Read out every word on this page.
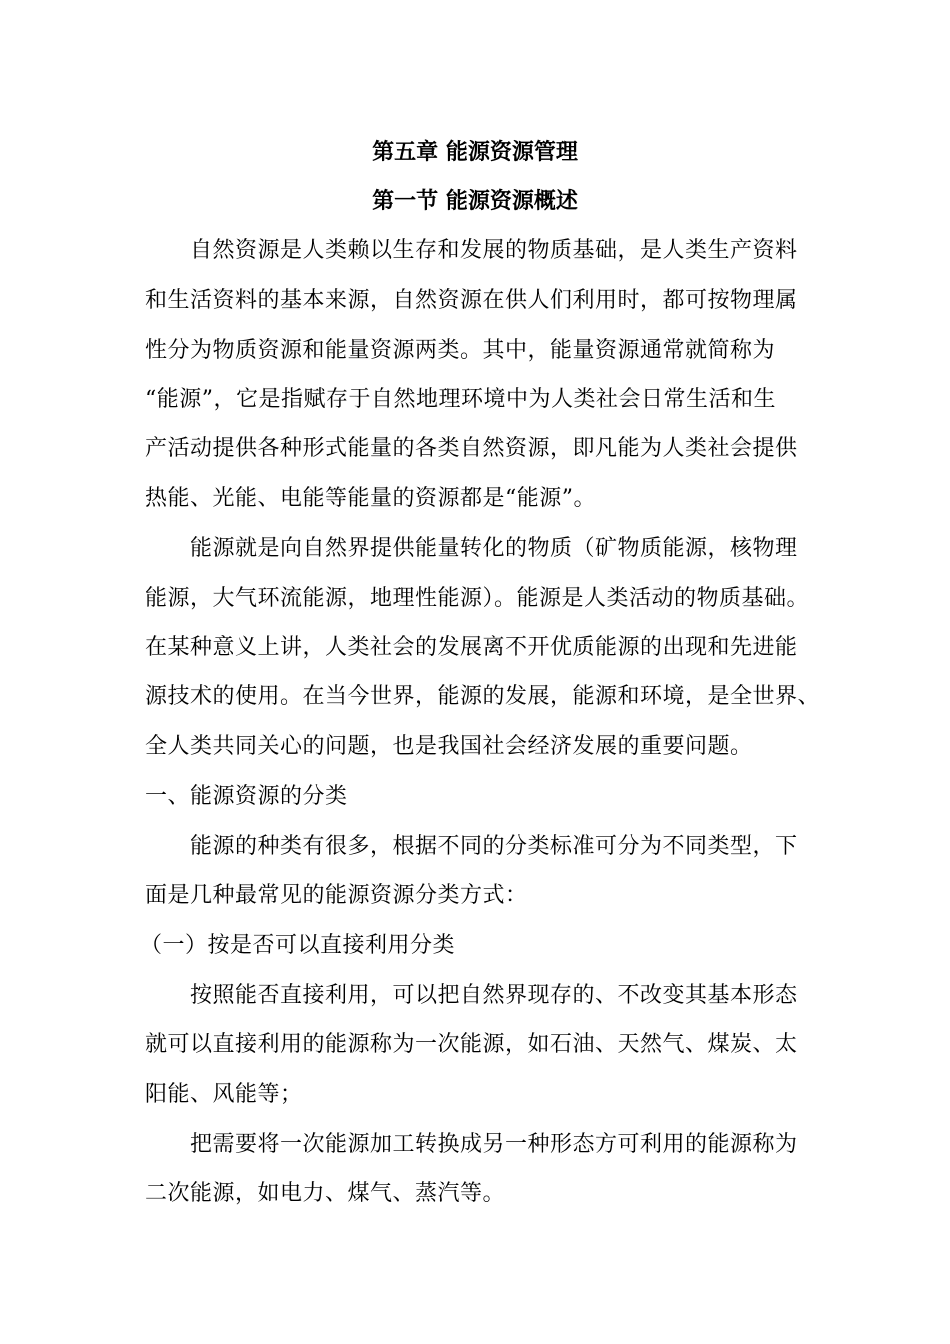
第五章 能源资源管理
第一节 能源资源概述
自然资源是人类赖以生存和发展的物质基础，是人类生产资料
和生活资料的基本来源，自然资源在供人们利用时，都可按物理属
性分为物质资源和能量资源两类。其中，能量资源通常就简称为
“能源”，它是指赋存于自然地理环境中为人类社会日常生活和生
产活动提供各种形式能量的各类自然资源，即凡能为人类社会提供
热能、光能、电能等能量的资源都是“能源”。
能源就是向自然界提供能量转化的物质（矿物质能源，核物理
能源，大气环流能源，地理性能源）。能源是人类活动的物质基础。
在某种意义上讲，人类社会的发展离不开优质能源的出现和先进能
源技术的使用。在当今世界，能源的发展，能源和环境，是全世界、
全人类共同关心的问题，也是我国社会经济发展的重要问题。
一、能源资源的分类
能源的种类有很多，根据不同的分类标准可分为不同类型，下
面是几种最常见的能源资源分类方式：
（一）按是否可以直接利用分类
按照能否直接利用，可以把自然界现存的、不改变其基本形态
就可以直接利用的能源称为一次能源，如石油、天然气、煤炭、太
阳能、风能等；
把需要将一次能源加工转换成另一种形态方可利用的能源称为
二次能源，如电力、煤气、蒸汽等。
